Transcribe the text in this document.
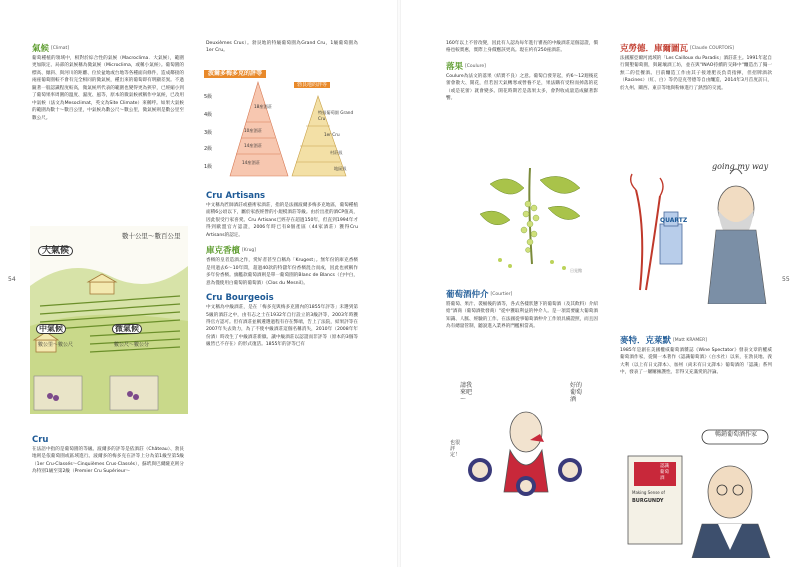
54	55
氣候 [Climat]

葡萄種植的領域中，相對於綜合性的氣候（Macroclima．大氣候），範圍更加限定、局部的氣候稱為微氣候（Microclima，或稱小氣候）。葡萄園的標高、傾斜、與河川的距離、位於盆地或台地等各種面向條件，造成鄰接的兩座葡萄園較不會有完全相同的微氣候，種出來的葡萄即有明顯差異。不過隨著一般認識程度較高，微氣候所代表的範圍也變得更為狹窄，已經縮小到了葡萄果率周圍的溫度、濕度、風等，原本的微氣候被稱作中氣候，已改用中氣候（法文為Mesoclimat，英文為Site Climate）來稱呼。如果大氣候的範圍為數十～數百公里，中氣候為數公尺～數公里，微氣候則是數公里至數公尺。

大氣候
數十公里～數百公里
中氣候
數公里～數公尺
微氣候
數公尺～數公分
Cru

在法語中指的是葡萄園的等級。波爾多的評等是依酒莊（Château）、勃艮地則是依葡萄園或區域進行。波爾多的梅多克在評等上分為第1級至第5級（1er Cru‧Classés～Cinquièmes Crus‧Classés），蘇玳與巴爾薩克則分為特別1級至第2級（Premier Cru Supérieur～

Deuxièmes Crus）。勃艮地的特級葡萄園為Grand Cru，1級葡萄園為1er Cru。

波爾多梅多克的評等
5級
4級
3級
2級
1級
18座酒莊
10座酒莊
14座酒莊
14座酒莊
勃艮地的評等
特級葡萄園 Grand Cru
1er Cru
村莊級
地區級
Cru Artisans

中文稱為匠師酒莊或藝術家酒莊，指的是法國波爾多梅多克地區，葡萄種植面積6公頃以下，屬於家族經營的小規模酒莊等級。由於出產的酒CP值高，因此很受行家喜愛。Cru Artisans已經存在超過150年，但直到1994年才得到歐盟官方認證，2006年時已有8個產區（44家酒莊）獲得Cru Artisans的認定。

庫克香檳 [Krug]

香檳的皇者造酒之作，愛好者甚至自稱為「Krugest」。無年份的庫克香檳是用過去6～10年間，超過40款的特儲年份香檳混合而成，因此也被稱作多年份香檳。旗艦款葡萄酒則是單一葡萄園的Blanc de Blancs（白中白，意為僅使用白葡萄的葡萄酒）《Clos du Mesnil》。

Cru Bourgeois

中文稱為中級酒莊，是在「梅多克與梅多克園內的1855年評等」未選到第5級的酒莊之中，由有志之士在1932年自行設立的3級評等，2003年時獲得官方認可。但有酒莊並稱遴選過程有存在弊端，告上了法院，結果評等在2007年失去效力，為了不使中級酒莊這個名稱消失，2010年（2008年年份酒）時改生了中級酒莊新徽。讓中級酒莊以認證而非評等（原本的3個等級皆已不存在）的形式復活。1855年的評等已有

160年以上不曾改變，因此有人認為每年進行審查的中級酒莊這個認證，價格也較實惠，實際上身價應該更高。現在約有250座酒莊。

落果 [Coulure]

Coulure為法文的落果（結實不良）之意。葡萄自發芽起，約6～12週後花蕾會散大、開花，但若因天氣轉寒或營養不足，果法購有受粉而掉落的花（或是花蕾）就會變多。開花時期若是落果太多，會對收成量造成顯著影響。

日見館
葡萄酒仲介 [Courtier]

將葡萄、果汁、裝桶後的酒等，各式各樣狀態下的葡萄酒（及其飲料）介紹給"酒商（葡萄酒批發商）"從中獲取利益的仲介人。是一項需要龐大葡萄酒知識、人脈、經驗的工作。在法國從事葡萄酒仲介工作須具備證照，而且因為有總量管制，聽說進入業界的門檻相當高。

請我來吧～
好的葡萄酒
也很評定！
克勞德．庫爾圖瓦 [Claude COURTOIS]

法國羅亞爾河流域的「Les Cailloux du Paradis」酒莊莊主。1991年起自行開墾葡萄園，與鏟壤酒工坊，並在與"INAO持續的交鋒中"釀造出了獨一無二的佳餐酒。目前釀造工作由其子接連肥長負責指揮，但招牌酒款（Racines）（紅、白）等仍是克勞德等自由釀造，2014年3月首度訪日，於九州、關西、東京等地與粉絲進行了熱烈的交流。

going my way
QUARTZ
麥特．克萊默 [Matt KRAMER]

1985年是創在美國權威葡萄酒雜誌《Wine Spectator》發表文章的權威葡萄酒作家，從開一本著作《認識葡萄酒》（白水社）以來，在勃艮地、義大利（以上有日文譯本）、加州（尚未有日文譯本）葡萄酒的「認識」系列中，發表了一屢屢擁護性、非得又充滿愛的評論。

暢銷葡萄酒作家
Making Sense of
BURGUNDY
認識葡萄酒
